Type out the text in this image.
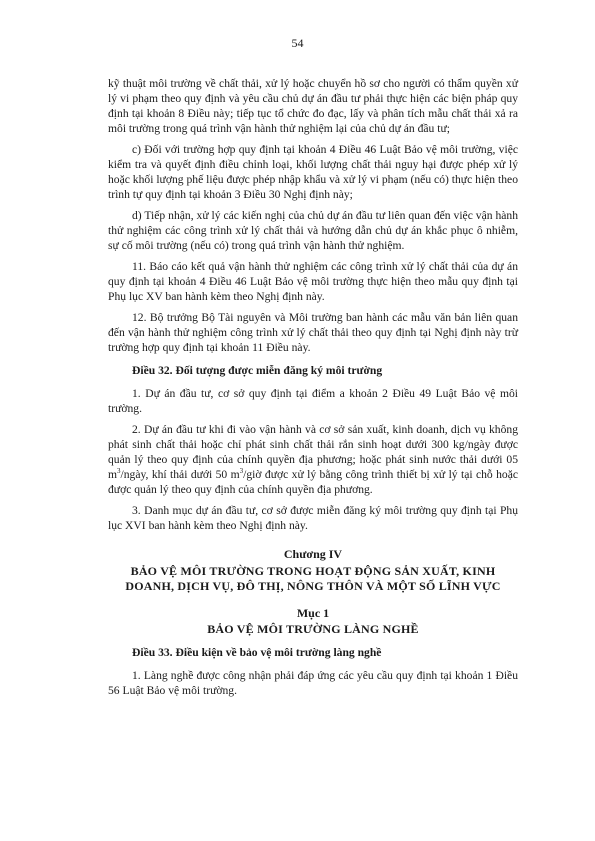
54

kỹ thuật môi trường về chất thải, xử lý hoặc chuyển hồ sơ cho người có thẩm quyền xử lý vi phạm theo quy định và yêu cầu chủ dự án đầu tư phải thực hiện các biện pháp quy định tại khoản 8 Điều này; tiếp tục tổ chức đo đạc, lấy và phân tích mẫu chất thải xả ra môi trường trong quá trình vận hành thử nghiệm lại của chủ dự án đầu tư;

c) Đối với trường hợp quy định tại khoản 4 Điều 46 Luật Bảo vệ môi trường, việc kiểm tra và quyết định điều chỉnh loại, khối lượng chất thải nguy hại được phép xử lý hoặc khối lượng phế liệu được phép nhập khẩu và xử lý vi phạm (nếu có) thực hiện theo trình tự quy định tại khoản 3 Điều 30 Nghị định này;

d) Tiếp nhận, xử lý các kiến nghị của chủ dự án đầu tư liên quan đến việc vận hành thử nghiệm các công trình xử lý chất thải và hướng dẫn chủ dự án khắc phục ô nhiễm, sự cố môi trường (nếu có) trong quá trình vận hành thử nghiệm.

11. Báo cáo kết quả vận hành thử nghiệm các công trình xử lý chất thải của dự án quy định tại khoản 4 Điều 46 Luật Bảo vệ môi trường thực hiện theo mẫu quy định tại Phụ lục XV ban hành kèm theo Nghị định này.

12. Bộ trưởng Bộ Tài nguyên và Môi trường ban hành các mẫu văn bản liên quan đến vận hành thử nghiệm công trình xử lý chất thải theo quy định tại Nghị định này trừ trường hợp quy định tại khoản 11 Điều này.

Điều 32. Đối tượng được miễn đăng ký môi trường

1. Dự án đầu tư, cơ sở quy định tại điểm a khoản 2 Điều 49 Luật Bảo vệ môi trường.

2. Dự án đầu tư khi đi vào vận hành và cơ sở sản xuất, kinh doanh, dịch vụ không phát sinh chất thải hoặc chỉ phát sinh chất thải rắn sinh hoạt dưới 300 kg/ngày được quản lý theo quy định của chính quyền địa phương; hoặc phát sinh nước thải dưới 05 $m^3$/ngày, khí thải dưới 50 $m^3$/giờ được xử lý bằng công trình thiết bị xử lý tại chỗ hoặc được quản lý theo quy định của chính quyền địa phương.

3. Danh mục dự án đầu tư, cơ sở được miễn đăng ký môi trường quy định tại Phụ lục XVI ban hành kèm theo Nghị định này.

Chương IV
BẢO VỆ MÔI TRƯỜNG TRONG HOẠT ĐỘNG SẢN XUẤT, KINH DOANH, DỊCH VỤ, ĐÔ THỊ, NÔNG THÔN VÀ MỘT SỐ LĨNH VỰC
Mục 1
BẢO VỆ MÔI TRƯỜNG LÀNG NGHỀ

Điều 33. Điều kiện về bảo vệ môi trường làng nghề

1. Làng nghề được công nhận phải đáp ứng các yêu cầu quy định tại khoản 1 Điều 56 Luật Bảo vệ môi trường.
